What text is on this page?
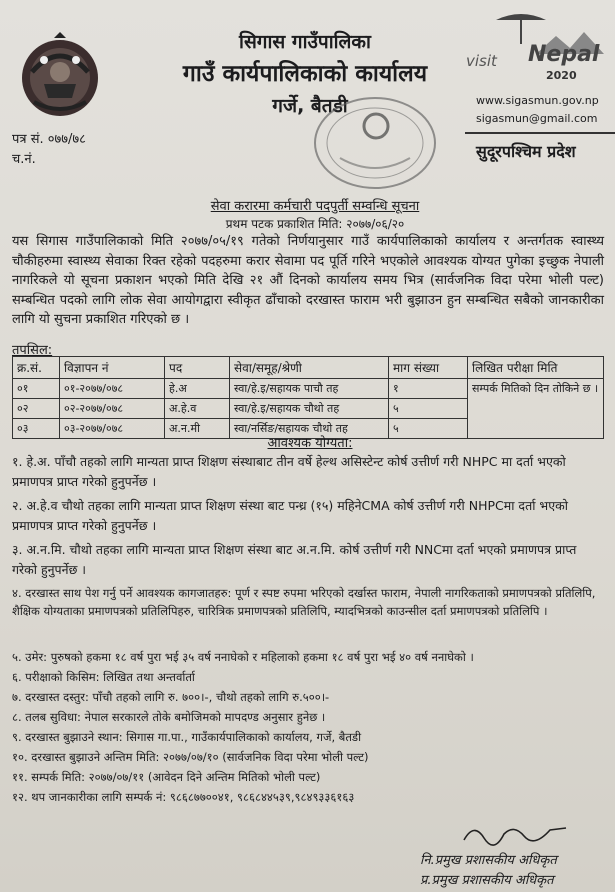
सिगास गाउँपालिका
गाउँ कार्यपालिकाको कार्यालय
गर्जे, बैतडी
visit Nepal
2020
www.sigasmun.gov.np
sigasmun@gmail.com
सुदूरपश्चिम प्रदेश
पत्र सं. ०७७/७८
च.नं.
सेवा करारमा कर्मचारी पदपुर्ती सम्वन्धि सूचना
प्रथम पटक प्रकाशित मिति: २०७७/०६/२०
यस सिगास गाउँपालिकाको मिति २०७७/०५/१९ गतेको निर्णयानुसार गाउँ कार्यपालिकाको कार्यालय र अन्तर्गतक स्वास्थ्य चौकीहरुमा स्वास्थ्य सेवाका रिक्त रहेको पदहरुमा करार सेवामा पद पूर्ति गरिने भएकोले आवश्यक योग्यत पुगेका इच्छुक नेपाली नागरिकले यो सूचना प्रकाशन भएको मिति देखि २१ औं दिनको कार्यालय समय भित्र (सार्वजनिक विदा परेमा भोली पल्ट) सम्बन्धित पदको लागि लोक सेवा आयोगद्वारा स्वीकृत ढाँचाको दरखास्त फाराम भरी बुझाउन हुन सम्बन्धित सबैको जानकारीका लागि यो सुचना प्रकाशित गरिएको छ ।
तपसिल:
क्र.सं.	विज्ञापन नं	पद	सेवा/समूह/श्रेणी	माग संख्या	लिखित परीक्षा मिति
०१	०१-२०७७/०७८	हे.अ	स्वा/हे.इ/सहायक पाचौ तह	१	सम्पर्क मितिको दिन तोकिने छ ।
०२	०२-२०७७/०७८	अ.हे.व	स्वा/हे.इ/सहायक चौथो तह	५	
०३	०३-२०७७/०७८	अ.न.मी	स्वा/नर्सिङ/सहायक चौथो तह	५	
आवश्यक योग्यता:
१. हे.अ. पाँचौ तहको लागि मान्यता प्राप्त शिक्षण संस्थाबाट तीन वर्षे हेल्थ असिस्टेन्ट कोर्ष उत्तीर्ण गरी NHPC मा दर्ता भएको प्रमाणपत्र प्राप्त गरेको हुनुपर्नेछ ।
२. अ.हे.व चौथो तहका लागि मान्यता प्राप्त शिक्षण संस्था बाट पन्ध्र (१५) महिनेCMA कोर्ष उत्तीर्ण गरी NHPCमा दर्ता भएको प्रमाणपत्र प्राप्त गरेको हुनुपर्नेछ ।
३. अ.न.मि. चौथो तहका लागि मान्यता प्राप्त शिक्षण संस्था बाट अ.न.मि. कोर्ष उत्तीर्ण गरी NNCमा दर्ता भएको प्रमाणपत्र प्राप्त गरेको हुनुपर्नेछ ।
४. दरखास्त साथ पेश गर्नु पर्ने आवश्यक कागजातहरु: पूर्ण र स्पष्ट रुपमा भरिएको दर्खास्त फाराम, नेपाली नागरिकताको प्रमाणपत्रको प्रतिलिपि, शैक्षिक योग्यताका प्रमाणपत्रको प्रतिलिपिहरु, चारित्रिक प्रमाणपत्रको प्रतिलिपि, म्यादभित्रको काउन्सील दर्ता प्रमाणपत्रको प्रतिलिपि ।
५. उमेर: पुरुषको हकमा १८ वर्ष पुरा भई ३५ वर्ष ननाघेको र महिलाको हकमा १८ वर्ष पुरा भई ४० वर्ष ननाघेको ।
६. परीक्षाको किसिम: लिखित तथा अन्तर्वार्ता
७. दरखास्त दस्तुर: पाँचौ तहको लागि रु. ७००।-, चौथो तहको लागि रु.५००।-
८. तलब सुविधा: नेपाल सरकारले तोके बमोजिमको मापदण्ड अनुसार हुनेछ ।
९. दरखास्त बुझाउने स्थान: सिगास गा.पा., गाउँकार्यपालिकाको कार्यालय, गर्जे, बैतडी
१०. दरखास्त बुझाउने अन्तिम मिति: २०७७/०७/१० (सार्वजनिक विदा परेमा भोली पल्ट)
११. सम्पर्क मिति: २०७७/०७/११ (आवेदन दिने अन्तिम मितिको भोली पल्ट)
१२. थप जानकारीका लागि सम्पर्क नं: ९८६८७७००४१, ९८६८४४५३९,९८४९३३६१६३
नि.प्रमुख प्रशासकीय अधिकृत
प्र.प्रमुख प्रशासकीय अधिकृत
